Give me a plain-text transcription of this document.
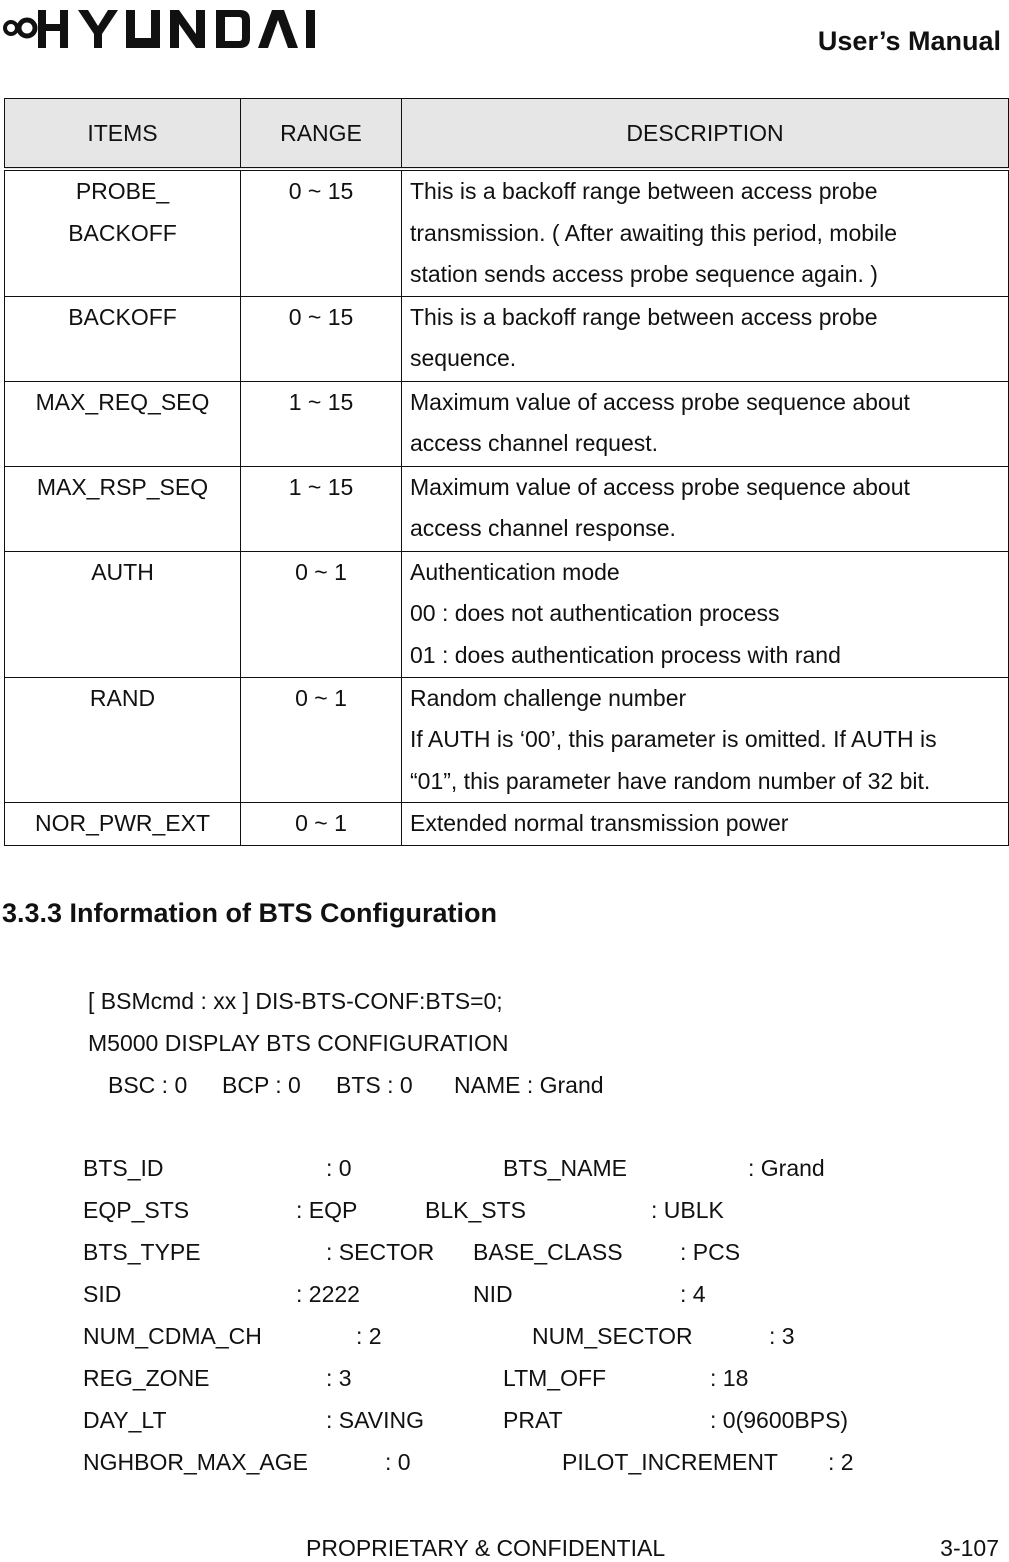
User’s Manual
ITEMS	RANGE	DESCRIPTION
PROBE_
BACKOFF	0 ~ 15	This is a backoff range between access probe
transmission. ( After awaiting this period, mobile
station sends access probe sequence again. )
BACKOFF	0 ~ 15	This is a backoff range between access probe
sequence.
MAX_REQ_SEQ	1 ~ 15	Maximum value of access probe sequence about
access channel request.
MAX_RSP_SEQ	1 ~ 15	Maximum value of access probe sequence about
access channel response.
AUTH	0 ~ 1	Authentication mode
00 : does not authentication process
01 : does authentication process with rand
RAND	0 ~ 1	Random challenge number
If AUTH is ‘00’, this parameter is omitted. If AUTH is
“01”, this parameter have random number of 32 bit.
NOR_PWR_EXT	0 ~ 1	Extended normal transmission power
3.3.3 Information of BTS Configuration
[ BSMcmd : xx ] DIS-BTS-CONF:BTS=0;
M5000 DISPLAY BTS CONFIGURATION
BSC : 0 BCP : 0 BTS : 0 NAME : Grand
BTS_ID	: 0	BTS_NAME	: Grand
EQP_STS	: EQP	BLK_STS	: UBLK
BTS_TYPE	: SECTOR BASE_CLASS : PCS
SID	: 2222	NID	: 4
NUM_CDMA_CH	: 2	NUM_SECTOR	: 3
REG_ZONE	: 3	LTM_OFF	: 18
DAY_LT	: SAVING	PRAT	: 0(9600BPS)
NGHBOR_MAX_AGE	: 0	PILOT_INCREMENT : 2
PROPRIETARY & CONFIDENTIAL	3-107
